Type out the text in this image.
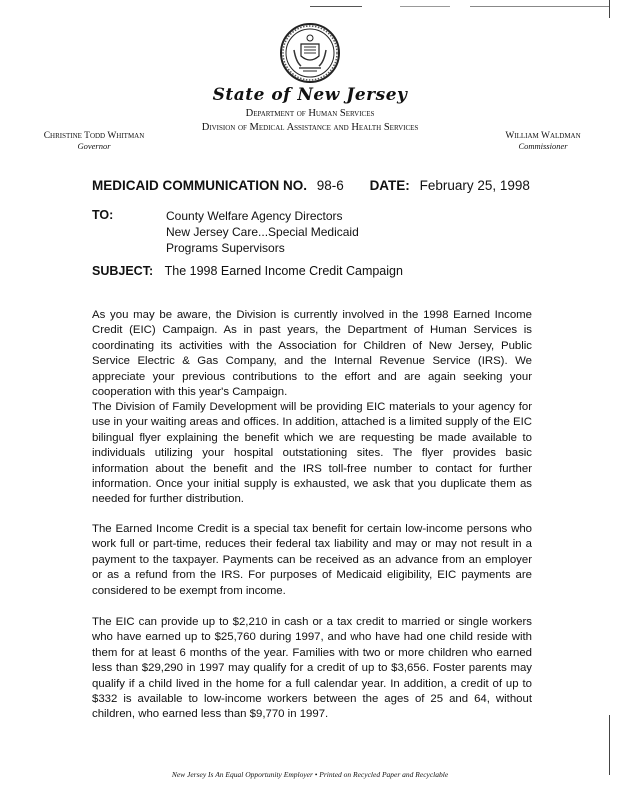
State of New Jersey
Department of Human Services
Division of Medical Assistance and Health Services
Christine Todd Whitman
Governor
William Waldman
Commissioner
MEDICAID COMMUNICATION NO. 98-6 DATE: February 25, 1998
TO:	County Welfare Agency Directors
New Jersey Care...Special Medicaid
Programs Supervisors
SUBJECT: The 1998 Earned Income Credit Campaign
As you may be aware, the Division is currently involved in the 1998 Earned Income Credit (EIC) Campaign. As in past years, the Department of Human Services is coordinating its activities with the Association for Children of New Jersey, Public Service Electric & Gas Company, and the Internal Revenue Service (IRS). We appreciate your previous contributions to the effort and are again seeking your cooperation with this year's Campaign.
The Division of Family Development will be providing EIC materials to your agency for use in your waiting areas and offices. In addition, attached is a limited supply of the EIC bilingual flyer explaining the benefit which we are requesting be made available to individuals utilizing your hospital outstationing sites. The flyer provides basic information about the benefit and the IRS toll-free number to contact for further information. Once your initial supply is exhausted, we ask that you duplicate them as needed for further distribution.
The Earned Income Credit is a special tax benefit for certain low-income persons who work full or part-time, reduces their federal tax liability and may or may not result in a payment to the taxpayer. Payments can be received as an advance from an employer or as a refund from the IRS. For purposes of Medicaid eligibility, EIC payments are considered to be exempt from income.
The EIC can provide up to $2,210 in cash or a tax credit to married or single workers who have earned up to $25,760 during 1997, and who have had one child reside with them for at least 6 months of the year. Families with two or more children who earned less than $29,290 in 1997 may qualify for a credit of up to $3,656. Foster parents may qualify if a child lived in the home for a full calendar year. In addition, a credit of up to $332 is available to low-income workers between the ages of 25 and 64, without children, who earned less than $9,770 in 1997.
New Jersey Is An Equal Opportunity Employer • Printed on Recycled Paper and Recyclable
